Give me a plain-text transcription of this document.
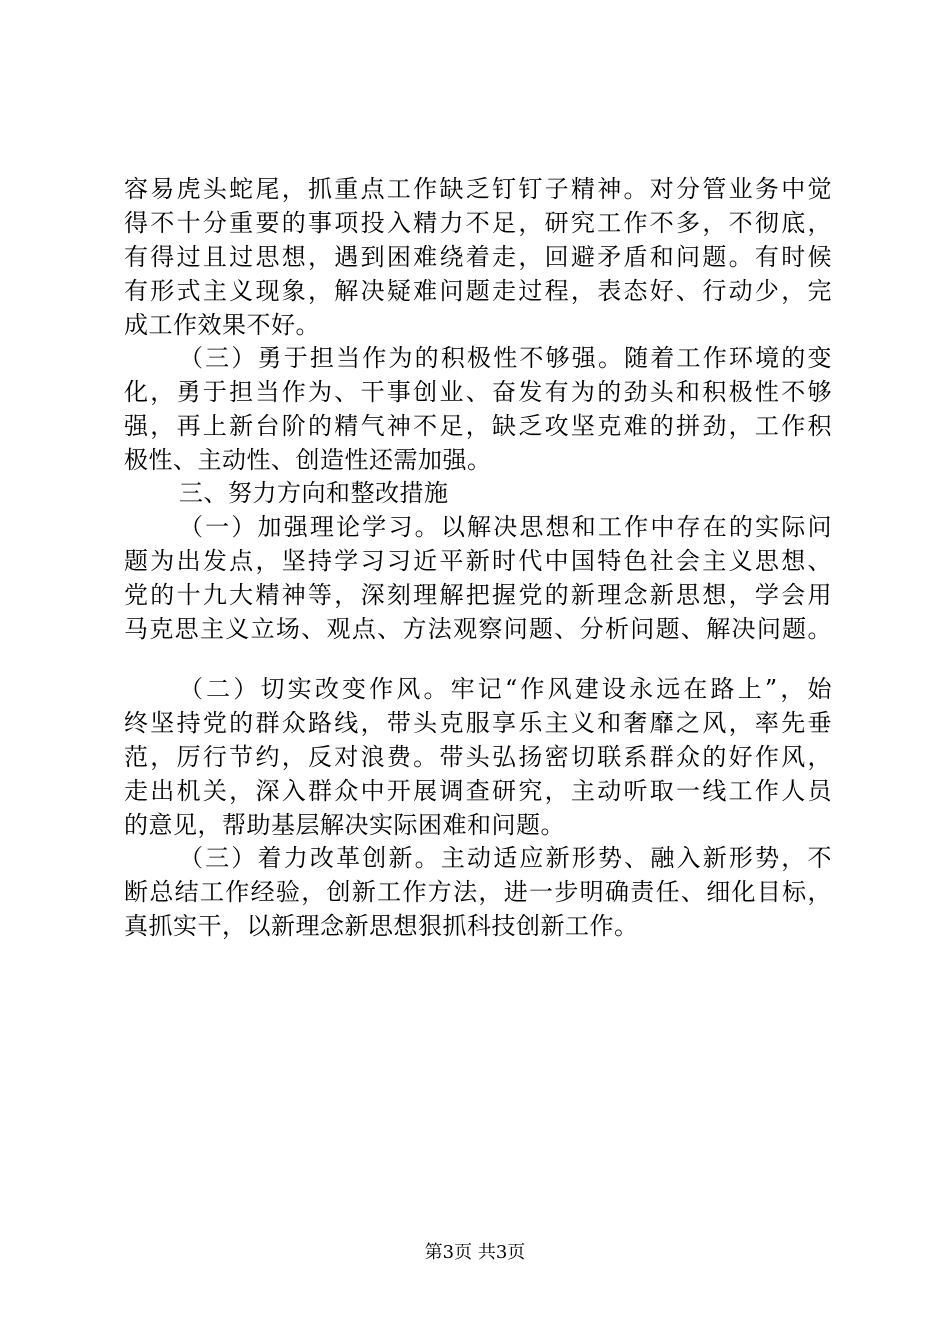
容易虎头蛇尾，抓重点工作缺乏钉钉子精神。对分管业务中觉
得不十分重要的事项投入精力不足，研究工作不多，不彻底，
有得过且过思想，遇到困难绕着走，回避矛盾和问题。有时候
有形式主义现象，解决疑难问题走过程，表态好、行动少，完
成工作效果不好。
（三）勇于担当作为的积极性不够强。随着工作环境的变
化，勇于担当作为、干事创业、奋发有为的劲头和积极性不够
强，再上新台阶的精气神不足，缺乏攻坚克难的拼劲，工作积
极性、主动性、创造性还需加强。
三、努力方向和整改措施
（一）加强理论学习。以解决思想和工作中存在的实际问
题为出发点，坚持学习习近平新时代中国特色社会主义思想、
党的十九大精神等，深刻理解把握党的新理念新思想，学会用
马克思主义立场、观点、方法观察问题、分析问题、解决问题。
（二）切实改变作风。牢记“作风建设永远在路上”，始
终坚持党的群众路线，带头克服享乐主义和奢靡之风，率先垂
范，厉行节约，反对浪费。带头弘扬密切联系群众的好作风，
走出机关，深入群众中开展调查研究，主动听取一线工作人员
的意见，帮助基层解决实际困难和问题。
（三）着力改革创新。主动适应新形势、融入新形势，不
断总结工作经验，创新工作方法，进一步明确责任、细化目标，
真抓实干，以新理念新思想狠抓科技创新工作。
第3页 共3页
